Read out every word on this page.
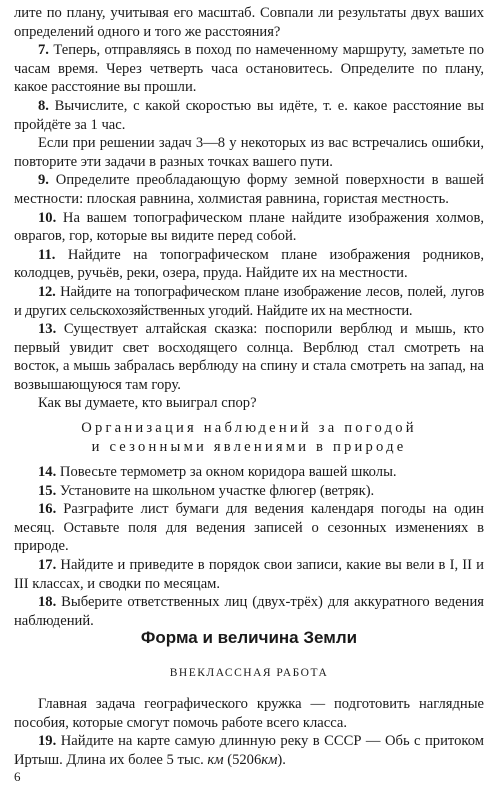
лите по плану, учитывая его масштаб. Совпали ли результаты двух ваших определений одного и того же расстояния?

7. Теперь, отправляясь в поход по намеченному маршруту, заметьте по часам время. Через четверть часа остановитесь. Определите по плану, какое расстояние вы прошли.

8. Вычислите, с какой скоростью вы идёте, т. е. какое расстояние вы пройдёте за 1 час.

Если при решении задач 3—8 у некоторых из вас встречались ошибки, повторите эти задачи в разных точках вашего пути.

9. Определите преобладающую форму земной поверхности в вашей местности: плоская равнина, холмистая равнина, гористая местность.

10. На вашем топографическом плане найдите изображения холмов, оврагов, гор, которые вы видите перед собой.

11. Найдите на топографическом плане изображения родников, колодцев, ручьёв, реки, озера, пруда. Найдите их на местности.

12. Найдите на топографическом плане изображение лесов, полей, лугов и других сельскохозяйственных угодий. Найдите их на местности.

13. Существует алтайская сказка: поспорили верблюд и мышь, кто первый увидит свет восходящего солнца. Верблюд стал смотреть на восток, а мышь забралась верблюду на спину и стала смотреть на запад, на возвышающуюся там гору.

Как вы думаете, кто выиграл спор?

Организация наблюдений за погодой
и сезонными явлениями в природе

14. Повесьте термометр за окном коридора вашей школы.

15. Установите на школьном участке флюгер (ветряк).

16. Разграфите лист бумаги для ведения календаря погоды на один месяц. Оставьте поля для ведения записей о сезонных изменениях в природе.

17. Найдите и приведите в порядок свои записи, какие вы вели в I, II и III классах, и сводки по месяцам.

18. Выберите ответственных лиц (двух-трёх) для аккуратного ведения наблюдений.

Форма и величина Земли
ВНЕКЛАССНАЯ РАБОТА

Главная задача географического кружка — подготовить наглядные пособия, которые смогут помочь работе всего класса.

19. Найдите на карте самую длинную реку в СССР — Обь с притоком Иртыш. Длина их более 5 тыс. км (5206км).

6
